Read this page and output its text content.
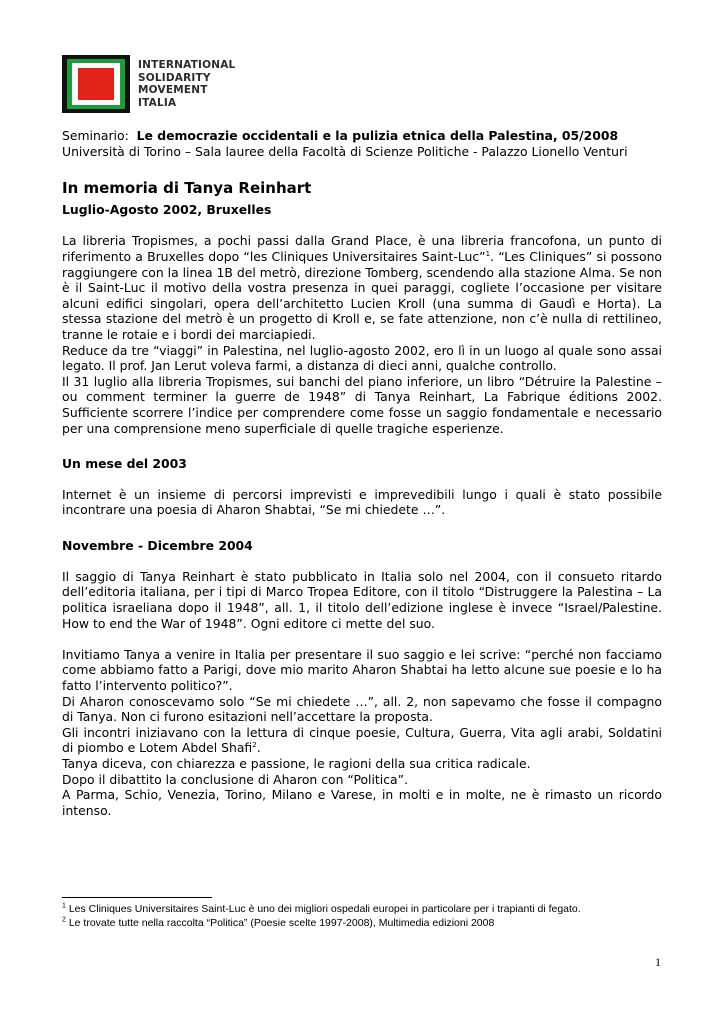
INTERNATIONAL
SOLIDARITY
MOVEMENT
ITALIA

Seminario: Le democrazie occidentali e la pulizia etnica della Palestina, 05/2008

Università di Torino – Sala lauree della Facoltà di Scienze Politiche - Palazzo Lionello Venturi

In memoria di Tanya Reinhart
Luglio-Agosto 2002, Bruxelles

La libreria Tropismes, a pochi passi dalla Grand Place, è una libreria francofona, un punto di riferimento a Bruxelles dopo “les Cliniques Universitaires Saint-Luc”$^1$. “Les Cliniques” si possono raggiungere con la linea 1B del metrò, direzione Tomberg, scendendo alla stazione Alma. Se non è il Saint-Luc il motivo della vostra presenza in quei paraggi, cogliete l’occasione per visitare alcuni edifici singolari, opera dell’architetto Lucien Kroll (una summa di Gaudì e Horta). La stessa stazione del metrò è un progetto di Kroll e, se fate attenzione, non c’è nulla di rettilineo, tranne le rotaie e i bordi dei marciapiedi.

Reduce da tre “viaggi” in Palestina, nel luglio-agosto 2002, ero lì in un luogo al quale sono assai legato. Il prof. Jan Lerut voleva farmi, a distanza di dieci anni, qualche controllo.

Il 31 luglio alla libreria Tropismes, sui banchi del piano inferiore, un libro “Détruire la Palestine – ou comment terminer la guerre de 1948” di Tanya Reinhart, La Fabrique éditions 2002. Sufficiente scorrere l’indice per comprendere come fosse un saggio fondamentale e necessario per una comprensione meno superficiale di quelle tragiche esperienze.

Un mese del 2003

Internet è un insieme di percorsi imprevisti e imprevedibili lungo i quali è stato possibile incontrare una poesia di Aharon Shabtai, “Se mi chiedete …”.

Novembre - Dicembre 2004

Il saggio di Tanya Reinhart è stato pubblicato in Italia solo nel 2004, con il consueto ritardo dell’editoria italiana, per i tipi di Marco Tropea Editore, con il titolo “Distruggere la Palestina – La politica israeliana dopo il 1948”, all. 1, il titolo dell’edizione inglese è invece “Israel/Palestine. How to end the War of 1948”. Ogni editore ci mette del suo.

Invitiamo Tanya a venire in Italia per presentare il suo saggio e lei scrive: “perché non facciamo come abbiamo fatto a Parigi, dove mio marito Aharon Shabtai ha letto alcune sue poesie e lo ha fatto l’intervento politico?”.

Di Aharon conoscevamo solo “Se mi chiedete …”, all. 2, non sapevamo che fosse il compagno di Tanya. Non ci furono esitazioni nell’accettare la proposta.

Gli incontri iniziavano con la lettura di cinque poesie, Cultura, Guerra, Vita agli arabi, Soldatini di piombo e Lotem Abdel Shafi$^2$.

Tanya diceva, con chiarezza e passione, le ragioni della sua critica radicale.

Dopo il dibattito la conclusione di Aharon con “Politica”.

A Parma, Schio, Venezia, Torino, Milano e Varese, in molti e in molte, ne è rimasto un ricordo intenso.

$^1$ Les Cliniques Universitaires Saint-Luc è uno dei migliori ospedali europei in particolare per i trapianti di fegato.
$^2$ Le trovate tutte nella raccolta “Politica” (Poesie scelte 1997-2008), Multimedia edizioni 2008
1
